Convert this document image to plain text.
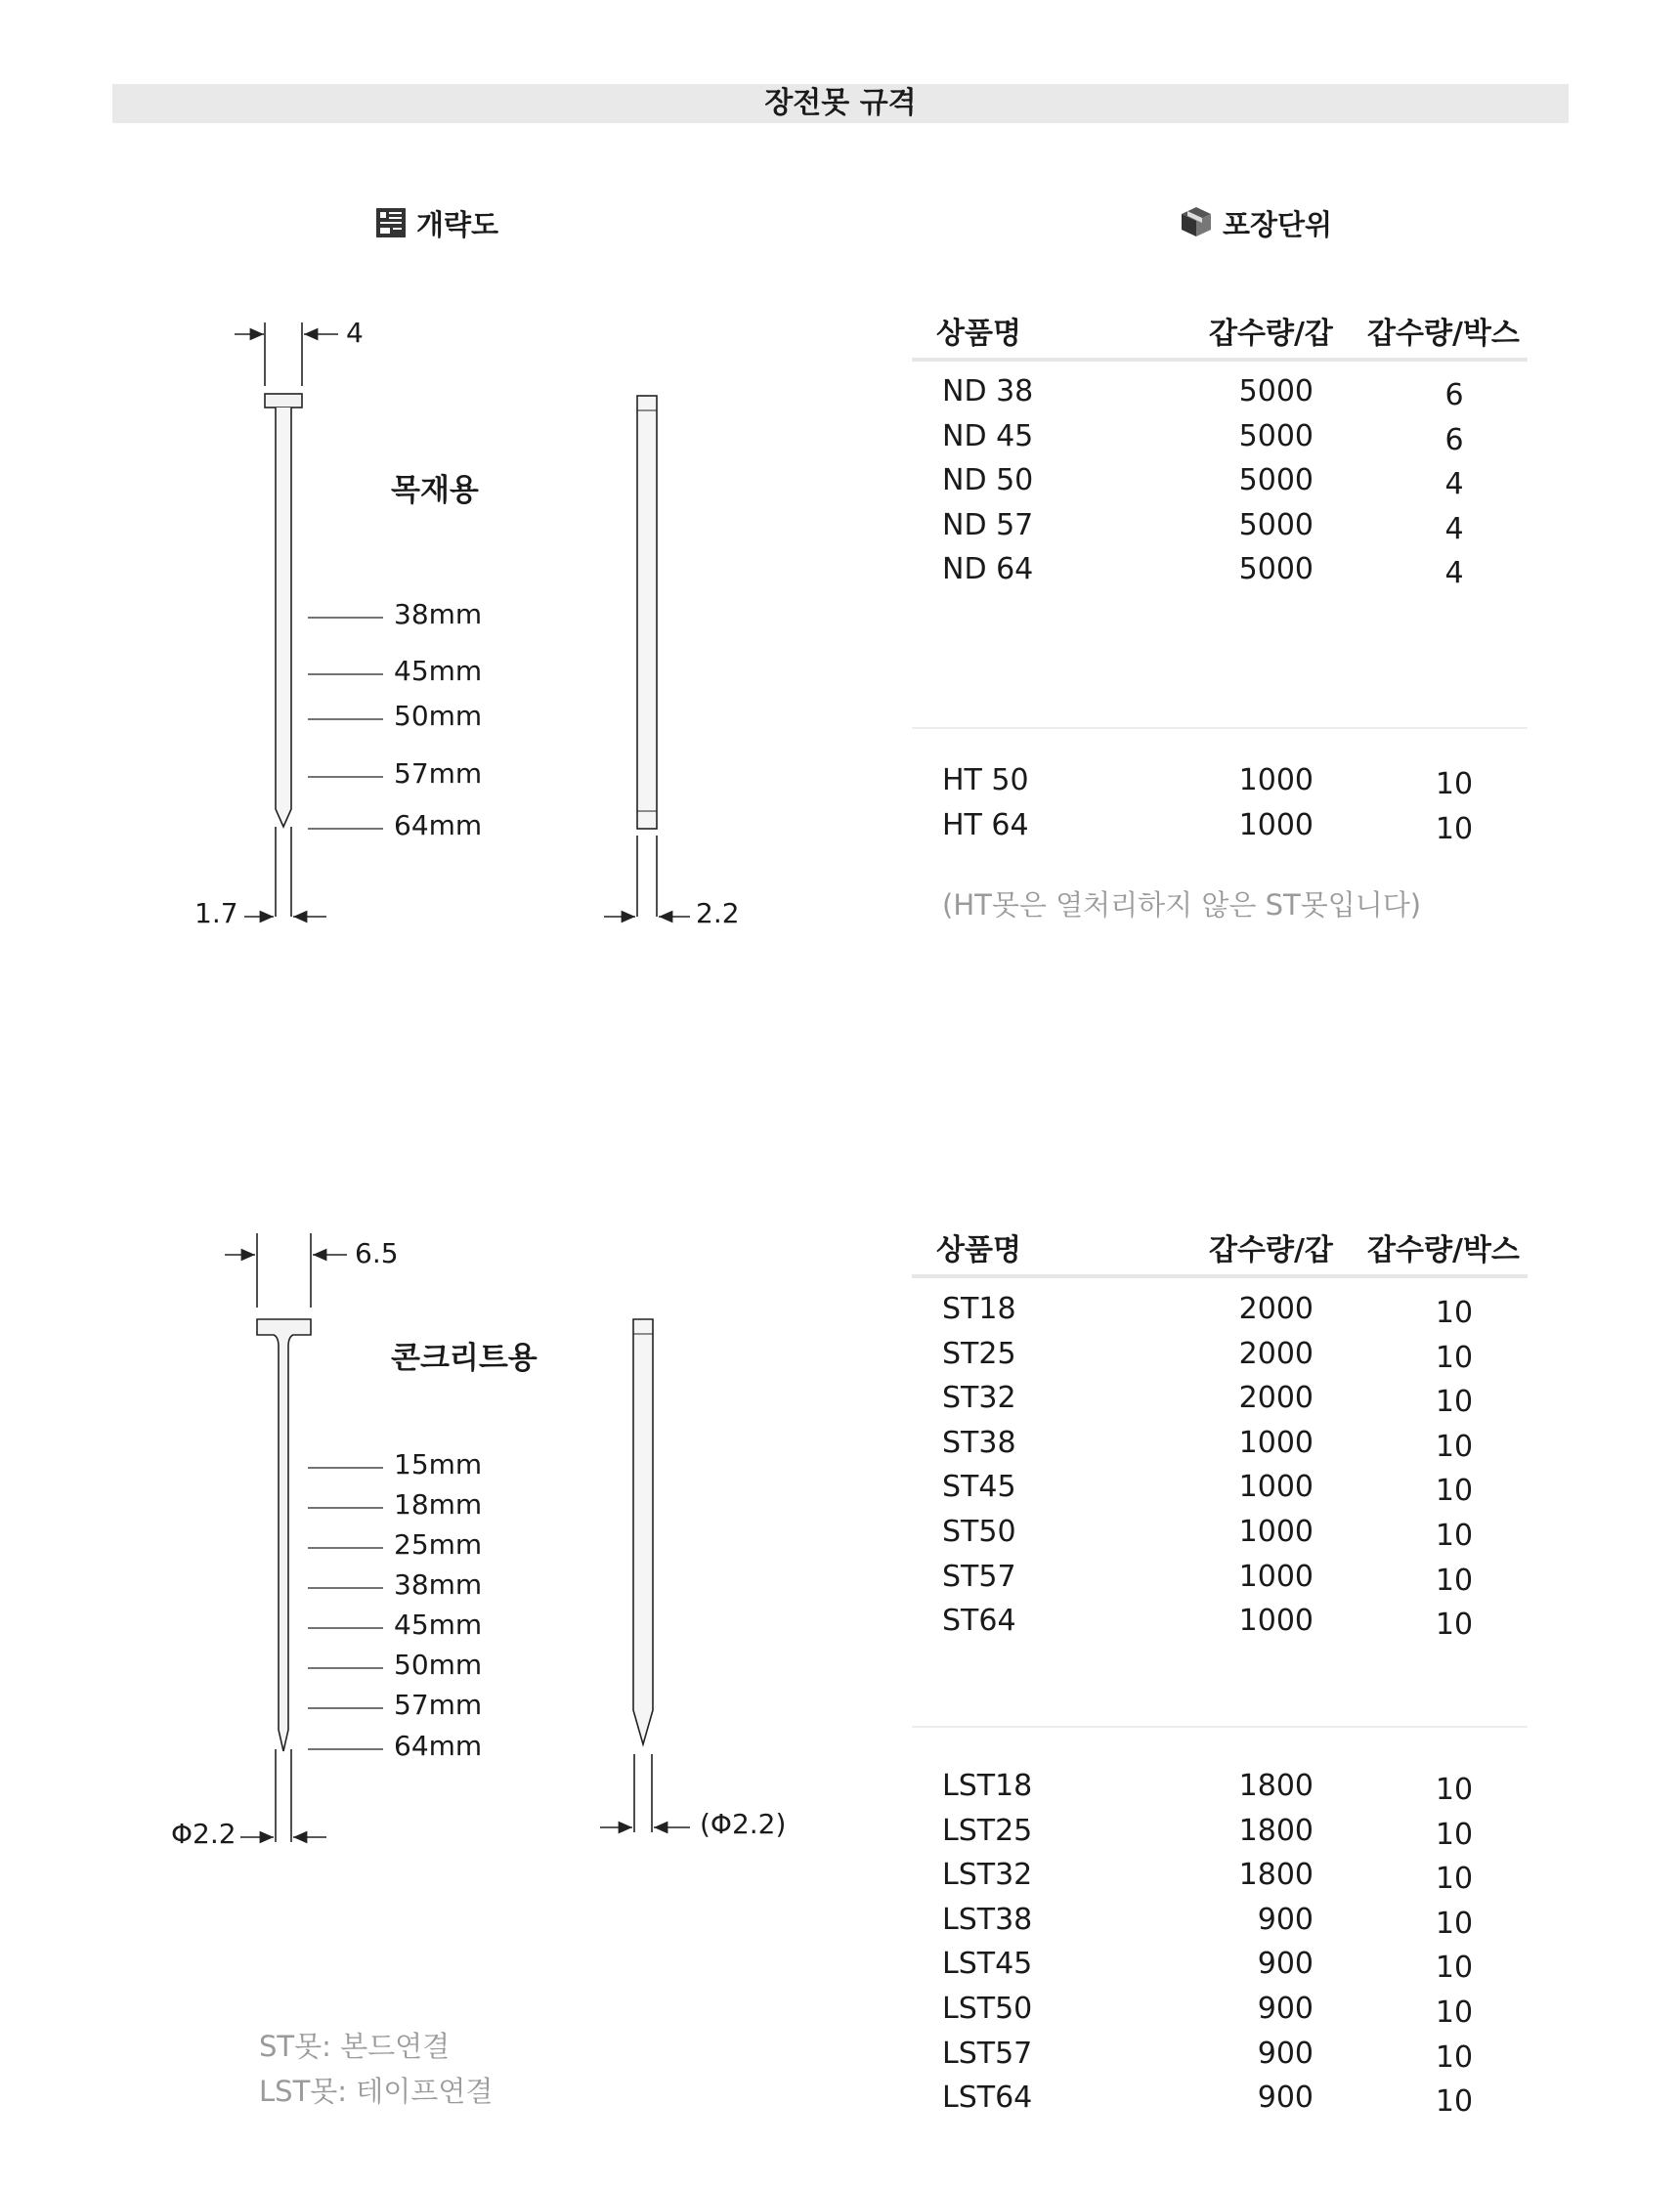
장전못 규격
개략도	포장단위
4
목재용
38mm
45mm
50mm
57mm
64mm
1.7	2.2
6.5
콘크리트용
15mm
18mm
25mm
38mm
45mm
50mm
57mm
64mm
Φ2.2	(Φ2.2)
ST못: 본드연결
LST못: 테이프연결
(HT못은 열처리하지 않은 ST못입니다)
상품명	갑수량/갑 갑수량/박스
ND 38	5000	6
ND 45	5000	6
ND 50	5000	4
ND 57	5000	4
ND 64	5000	4
HT 50	1000	10
HT 64	1000	10
상품명	갑수량/갑 갑수량/박스
ST18	2000	10
ST25	2000	10
ST32	2000	10
ST38	1000	10
ST45	1000	10
ST50	1000	10
ST57	1000	10
ST64	1000	10
LST18	1800	10
LST25	1800	10
LST32	1800	10
LST38	900	10
LST45	900	10
LST50	900	10
LST57	900	10
LST64	900	10
